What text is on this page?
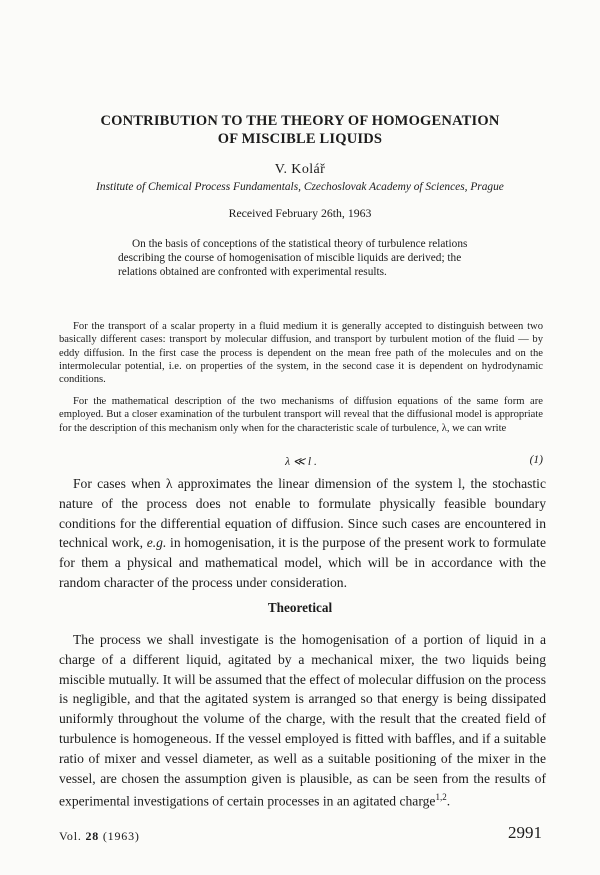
CONTRIBUTION TO THE THEORY OF HOMOGENATION
OF MISCIBLE LIQUIDS
V. Kolář
Institute of Chemical Process Fundamentals, Czechoslovak Academy of Sciences, Prague
Received February 26th, 1963
On the basis of conceptions of the statistical theory of turbulence relations
describing the course of homogenisation of miscible liquids are derived; the
relations obtained are confronted with experimental results.

For the transport of a scalar property in a fluid medium it is generally accepted to distinguish between two basically different cases: transport by molecular diffusion, and transport by turbulent motion of the fluid — by eddy diffusion. In the first case the process is dependent on the mean free path of the molecules and on the intermolecular potential, i.e. on properties of the system, in the second case it is dependent on hydrodynamic conditions.

For the mathematical description of the two mechanisms of diffusion equations of the same form are employed. But a closer examination of the turbulent transport will reveal that the diffusional model is appropriate for the description of this mechanism only when for the characteristic scale of turbulence, λ, we can write

λ ≪ l .	(1)

For cases when λ approximates the linear dimension of the system l, the stochastic nature of the process does not enable to formulate physically feasible boundary conditions for the differential equation of diffusion. Since such cases are encountered in technical work, e.g. in homogenisation, it is the purpose of the present work to formulate for them a physical and mathematical model, which will be in accordance with the random character of the process under consideration.

Theoretical

The process we shall investigate is the homogenisation of a portion of liquid in a charge of a different liquid, agitated by a mechanical mixer, the two liquids being miscible mutually. It will be assumed that the effect of molecular diffusion on the process is negligible, and that the agitated system is arranged so that energy is being dissipated uniformly throughout the volume of the charge, with the result that the created field of turbulence is homogeneous. If the vessel employed is fitted with baffles, and if a suitable ratio of mixer and vessel diameter, as well as a suitable positioning of the mixer in the vessel, are chosen the assumption given is plausible, as can be seen from the results of experimental investigations of certain processes in an agitated charge$^{1,2}$.

Vol. 28 (1963)	2991
